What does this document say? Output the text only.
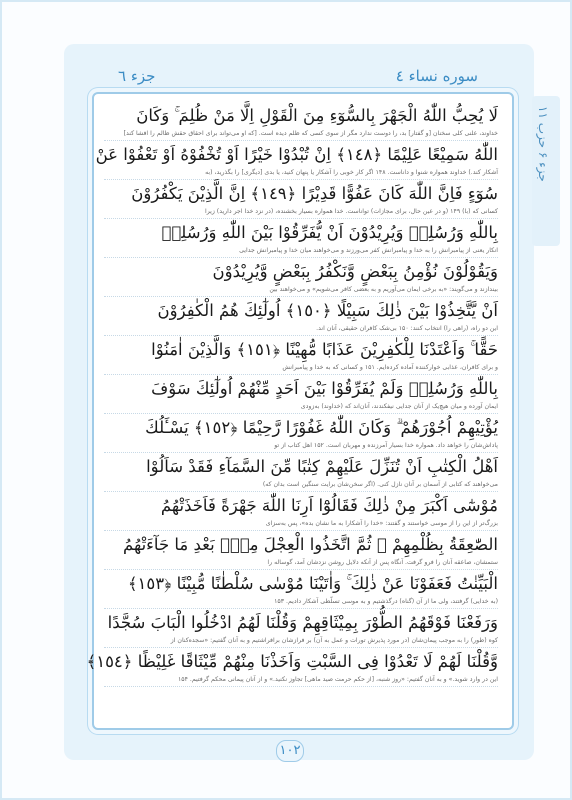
جزء ۶ حزب ۱۱
جزء ٦	سوره نساء ٤
لَا يُحِبُّ اللّٰهُ الْجَهْرَ بِالسُّوٓءِ مِنَ الْقَوْلِ اِلَّا مَنْ ظُلِمَ ۚ وَكَانَ
خداوند، علنی کلی سخنان [و گفتار] بد، را دوست ندارد مگر از سوی کسی که ظلم دیده است. [که او می‌تواند برای احقاق حقش ظالم را افشا کند]
اللّٰهُ سَمِيْعًا عَلِيْمًا ﴿١٤٨﴾ اِنْ تُبْدُوْا خَيْرًا اَوْ تُخْفُوْهُ اَوْ تَعْفُوْا عَنْ
آشکار کند.) خداوند همواره شنوا و داناست. ۱۴۸ اگر کار خوبی را آشکار یا پنهان کنید، یا بدی [دیگری] را بگذرید، (به
سُوٓءٍ فَاِنَّ اللّٰهَ كَانَ عَفُوًّا قَدِيْرًا ﴿١٤٩﴾ اِنَّ الَّذِيْنَ يَكْفُرُوْنَ
کسانی که (با) ۱۴۹ (و در عین حال، برای مجازات) تواناست. خدا همواره بسیار بخشنده، (در نزد خدا اجر دارید) زیرا
بِاللّٰهِ وَرُسُلِهٖ وَيُرِيْدُوْنَ اَنْ يُّفَرِّقُوْا بَيْنَ اللّٰهِ وَرُسُلِهٖ
انکار یعنی از پیامبرانش را به خدا و پیامبرانش کفر می‌ورزند و می‌خواهند میان خدا و پیامبرانش جدایی
وَيَقُوْلُوْنَ نُؤْمِنُ بِبَعْضٍ وَّنَكْفُرُ بِبَعْضٍ وَّيُرِيْدُوْنَ
بیندازند و می‌گویند: «به برخی ایمان می‌آوریم و به بعضی کافر می‌شویم» و می‌خواهند بین
اَنْ يَّتَّخِذُوْا بَيْنَ ذٰلِكَ سَبِيْلًا ﴿١٥٠﴾ اُولٰٓئِكَ هُمُ الْكٰفِرُوْنَ
این دو راه، (راهی را) انتخاب کنند: ۱۵۰ بی‌شک کافران حقیقی، آنان اند.
حَقًّا ۚ وَاَعْتَدْنَا لِلْكٰفِرِيْنَ عَذَابًا مُّهِيْنًا ﴿١٥١﴾ وَالَّذِيْنَ اٰمَنُوْا
و برای کافران، عذابی خوارکننده آماده کرده‌ایم. ۱۵۱ و کسانی که به خدا و پیامبرانش
بِاللّٰهِ وَرُسُلِهٖ وَلَمْ يُفَرِّقُوْا بَيْنَ اَحَدٍ مِّنْهُمْ اُولٰٓئِكَ سَوْفَ
ایمان آورده و میان هیچ‌یک از آنان جدایی نیفکندند، آنان‌اند که (خداوند) به‌زودی
يُؤْتِيْهِمْ اُجُوْرَهُمْ ۗ وَكَانَ اللّٰهُ غَفُوْرًا رَّحِيْمًا ﴿١٥٢﴾ يَسْـَٔلُكَ
پاداش‌شان را خواهد داد. همواره خدا بسیار آمرزنده و مهربان است. ۱۵۲ اهل کتاب از تو
اَهْلُ الْكِتٰبِ اَنْ تُنَزِّلَ عَلَيْهِمْ كِتٰبًا مِّنَ السَّمَآءِ فَقَدْ سَاَلُوْا
می‌خواهند که کتابی از آسمان بر آنان نازل کنی. (اگر سخن‌شان برایت سنگین است بدان که)
مُوْسٰٓى اَكْبَرَ مِنْ ذٰلِكَ فَقَالُوْٓا اَرِنَا اللّٰهَ جَهْرَةً فَاَخَذَتْهُمُ
بزرگ‌تر از این را از موسی خواستند و گفتند: «خدا را آشکارا به ما نشان بده»، پس به‌سزای
الصّٰعِقَةُ بِظُلْمِهِمْ ۚ ثُمَّ اتَّخَذُوا الْعِجْلَ مِنْۢ بَعْدِ مَا جَآءَتْهُمُ
ستمشان، صاعقه آنان را فرو گرفت. آنگاه پس از آنکه دلایل روشن نزدشان آمد، گوساله را
الْبَيِّنٰتُ فَعَفَوْنَا عَنْ ذٰلِكَ ۚ وَاٰتَيْنَا مُوْسٰى سُلْطٰنًا مُّبِيْنًا ﴿١٥٣﴾
(به خدایی) گرفتند، ولی ما از آن (گناه) درگذشتیم و به موسی تسلّطی آشکار دادیم. ۱۵۳
وَرَفَعْنَا فَوْقَهُمُ الطُّوْرَ بِمِيْثَاقِهِمْ وَقُلْنَا لَهُمُ ادْخُلُوا الْبَابَ سُجَّدًا
کوه (طور) را به موجب پیمان‌شان (در مورد پذیرش تورات و عمل به آن) بر فرازشان برافراشتیم و به آنان گفتیم: «سجده‌کنان از
وَّقُلْنَا لَهُمْ لَا تَعْدُوْا فِى السَّبْتِ وَاَخَذْنَا مِنْهُمْ مِّيْثَاقًا غَلِيْظًا ﴿١٥٤﴾
این در وارد شوید.» و به آنان گفتیم: «روز شنبه، [از حکم حرمت صید ماهی] تجاوز نکنید.» و از آنان پیمانی محکم گرفتیم. ۱۵۴
١٠٢
